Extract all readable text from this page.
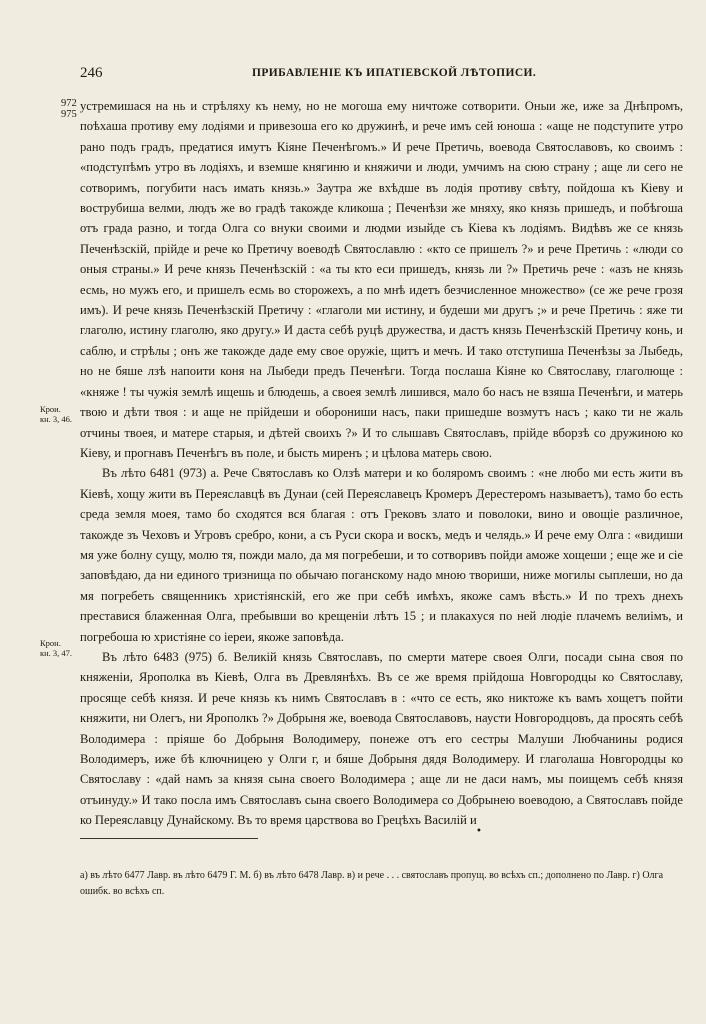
246	ПРИБАВЛЕНІЕ КЪ ИПАТІЕВСКОЙ ЛѢТОПИСИ.
972
975
Крои.
кн. 3, 46.
Крон.
кн. 3, 47.

устремишася на нь и стрѣляху къ нему, но не могоша ему ничтоже сотворити. Оныи же, иже за Днѣпромъ, поѣхаша противу ему лодіями и привезоша его ко дружинѣ, и рече имъ сей юноша : «аще не подступите утро рано подъ градъ, предатися имутъ Кіяне Печенѣгомъ.» И рече Претичь, воевода Святославовъ, ко своимъ : «подступѣмъ утро въ лодіяхъ, и вземше княгиню и княжичи и люди, умчимъ на сюю страну ; аще ли сего не сотворимъ, погубити насъ имать князь.» Заутра же вхѣдше въ лодія противу свѣту, пойдоша къ Кіеву и вострубиша велми, людъ же во градѣ такожде кликоша ; Печенѣзи же мняху, яко князь пришедъ, и побѣгоша отъ града разно, и тогда Олга со внуки своими и людми изыйде съ Кіева къ лодіямъ. Видѣвъ же се князь Печенѣзскій, прійде и рече ко Претичу воеводѣ Святославлю : «кто се пришелъ ?» и рече Претичь : «люди со оныя страны.» И рече князь Печенѣзскій : «а ты кто еси пришедъ, князь ли ?» Претичь рече : «азъ не князь есмь, но мужъ его, и пришелъ есмь во сторожехъ, а по мнѣ идетъ безчисленное множество» (се же рече грозя имъ). И рече князь Печенѣзскій Претичу : «глаголи ми истину, и будеши ми другъ ;» и рече Претичь : яже ти глаголю, истину глаголю, яко другу.» И даста себѣ руцѣ дружества, и дастъ князь Печенѣзскій Претичу конь, и саблю, и стрѣлы ; онъ же такожде даде ему свое оружіе, щитъ и мечъ. И тако отступиша Печенѣзы за Лыбедь, но не бяше лзѣ напоити коня на Лыбеди предъ Печенѣги. Тогда послаша Кіяне ко Святославу, глаголюще : «княже ! ты чужія землѣ ищешь и блюдешь, а своея землѣ лишився, мало бо насъ не взяша Печенѣги, и матерь твою и дѣти твоя : и аще не прійдеши и оборониши насъ, паки пришедше возмутъ насъ ; како ти не жаль отчины твоея, и матере старыя, и дѣтей своихъ ?» И то слышавъ Святославъ, прійде вборзѣ со дружиною ко Кіеву, и прогнавъ Печенѣгъ въ поле, и бысть миренъ ; и цѣлова матерь свою.

Въ лѣто 6481 (973) а. Рече Святославъ ко Олзѣ матери и ко боляромъ своимъ : «не любо ми есть жити въ Кіевѣ, хощу жити въ Переяславцѣ въ Дунаи (сей Переяславецъ Кромеръ Дерестеромъ называетъ), тамо бо есть среда земля моея, тамо бо сходятся вся благая : отъ Грековъ злато и поволоки, вино и овощіе различное, такожде зъ Чеховъ и Угровъ сребро, кони, а съ Руси скора и воскъ, медъ и челядь.» И рече ему Олга : «видиши мя уже болну сущу, молю тя, пожди мало, да мя погребеши, и то сотворивъ пойди аможе хощеши ; еще же и сіе заповѣдаю, да ни единого тризнища по обычаю поганскому надо мною твориши, ниже могилы сыплеши, но да мя погребеть священникъ христіянскій, его же при себѣ имѣхъ, якоже самъ вѣсть.» И по трехъ днехъ преставися блаженная Олга, пребывши во крещеніи лѣтъ 15 ; и плакахуся по ней людіе плачемъ велиімъ, и погребоша ю христіяне со іереи, якоже заповѣда.

Въ лѣто 6483 (975) б. Великій князь Святославъ, по смерти матере своея Олги, посади сына своя по княженіи, Ярополка въ Кіевѣ, Олга въ Древлянѣхъ. Въ се же время прійдоша Новгородцы ко Святославу, просяще себѣ князя. И рече князь къ нимъ Святославъ в : «что се есть, яко никтоже къ вамъ хощетъ пойти княжити, ни Олегъ, ни Ярополкъ ?» Добрыня же, воевода Святославовъ, наусти Новгородцовъ, да просять себѣ Володимера : пріяше бо Добрыня Володимеру, понеже отъ его сестры Малуши Любчанины родися Володимеръ, иже бѣ ключницею у Олги г, и бяше Добрыня дядя Володимеру. И глаголаша Новгородцы ко Святославу : «дай намъ за князя сына своего Володимера ; аще ли не даси намъ, мы поищемъ себѣ князя отъинуду.» И тако посла имъ Святославъ сына своего Володимера со Добрынею воеводою, а Святославъ пойде ко Переяславцу Дунайскому. Въ то время царствова во Грецѣхъ Василій и

•

а) въ лѣто 6477 Лавр. въ лѣто 6479 Г. М. б) въ лѣто 6478 Лавр. в) и рече . . . святославъ пропущ. во всѣхъ сп.; дополнено по Лавр. г) Олга ошибк. во всѣхъ сп.
